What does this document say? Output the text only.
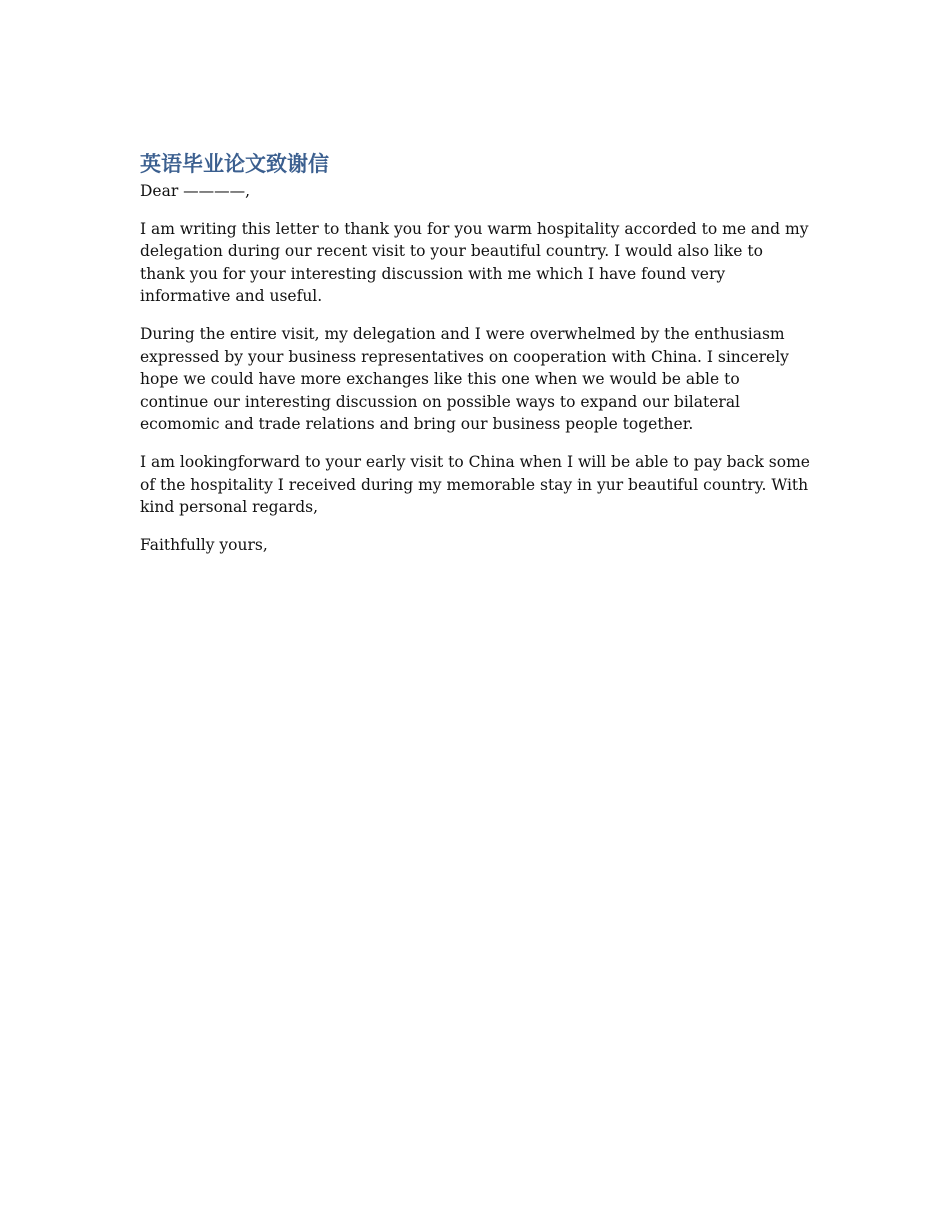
英语毕业论文致谢信

Dear ————,

I am writing this letter to thank you for you warm hospitality accorded to me and my delegation during our recent visit to your beautiful country. I would also like to thank you for your interesting discussion with me which I have found very informative and useful.

During the entire visit, my delegation and I were overwhelmed by the enthusiasm expressed by your business representatives on cooperation with China. I sincerely hope we could have more exchanges like this one when we would be able to continue our interesting discussion on possible ways to expand our bilateral ecomomic and trade relations and bring our business people together.

I am lookingforward to your early visit to China when I will be able to pay back some of the hospitality I received during my memorable stay in yur beautiful country. With kind personal regards,

Faithfully yours,
